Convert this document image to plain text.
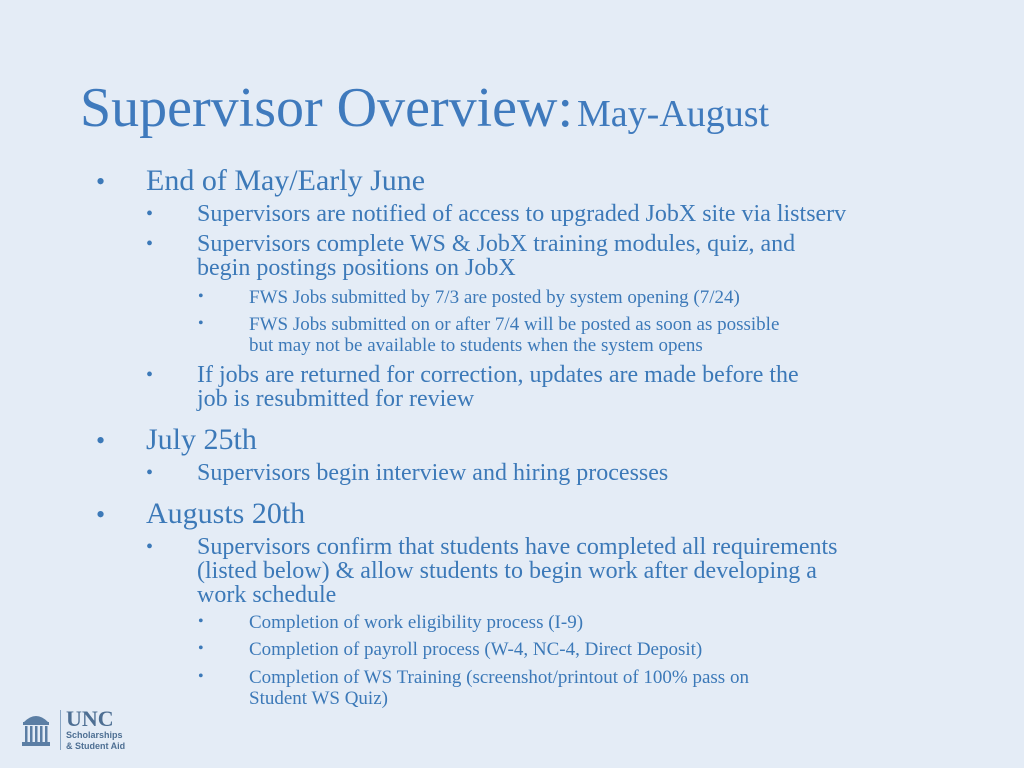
Supervisor Overview: May-August
• End of May/Early June
• Supervisors are notified of access to upgraded JobX site via listserv
• Supervisors complete WS & JobX training modules, quiz, and
begin postings positions on JobX
• FWS Jobs submitted by 7/3 are posted by system opening (7/24)
• FWS Jobs submitted on or after 7/4 will be posted as soon as possible
but may not be available to students when the system opens
• If jobs are returned for correction, updates are made before the
job is resubmitted for review
• July 25th
• Supervisors begin interview and hiring processes
• Augusts 20th
• Supervisors confirm that students have completed all requirements
(listed below) & allow students to begin work after developing a
work schedule
• Completion of work eligibility process (I-9)
• Completion of payroll process (W-4, NC-4, Direct Deposit)
• Completion of WS Training (screenshot/printout of 100% pass on
Student WS Quiz)
UNC
Scholarships
& Student Aid
